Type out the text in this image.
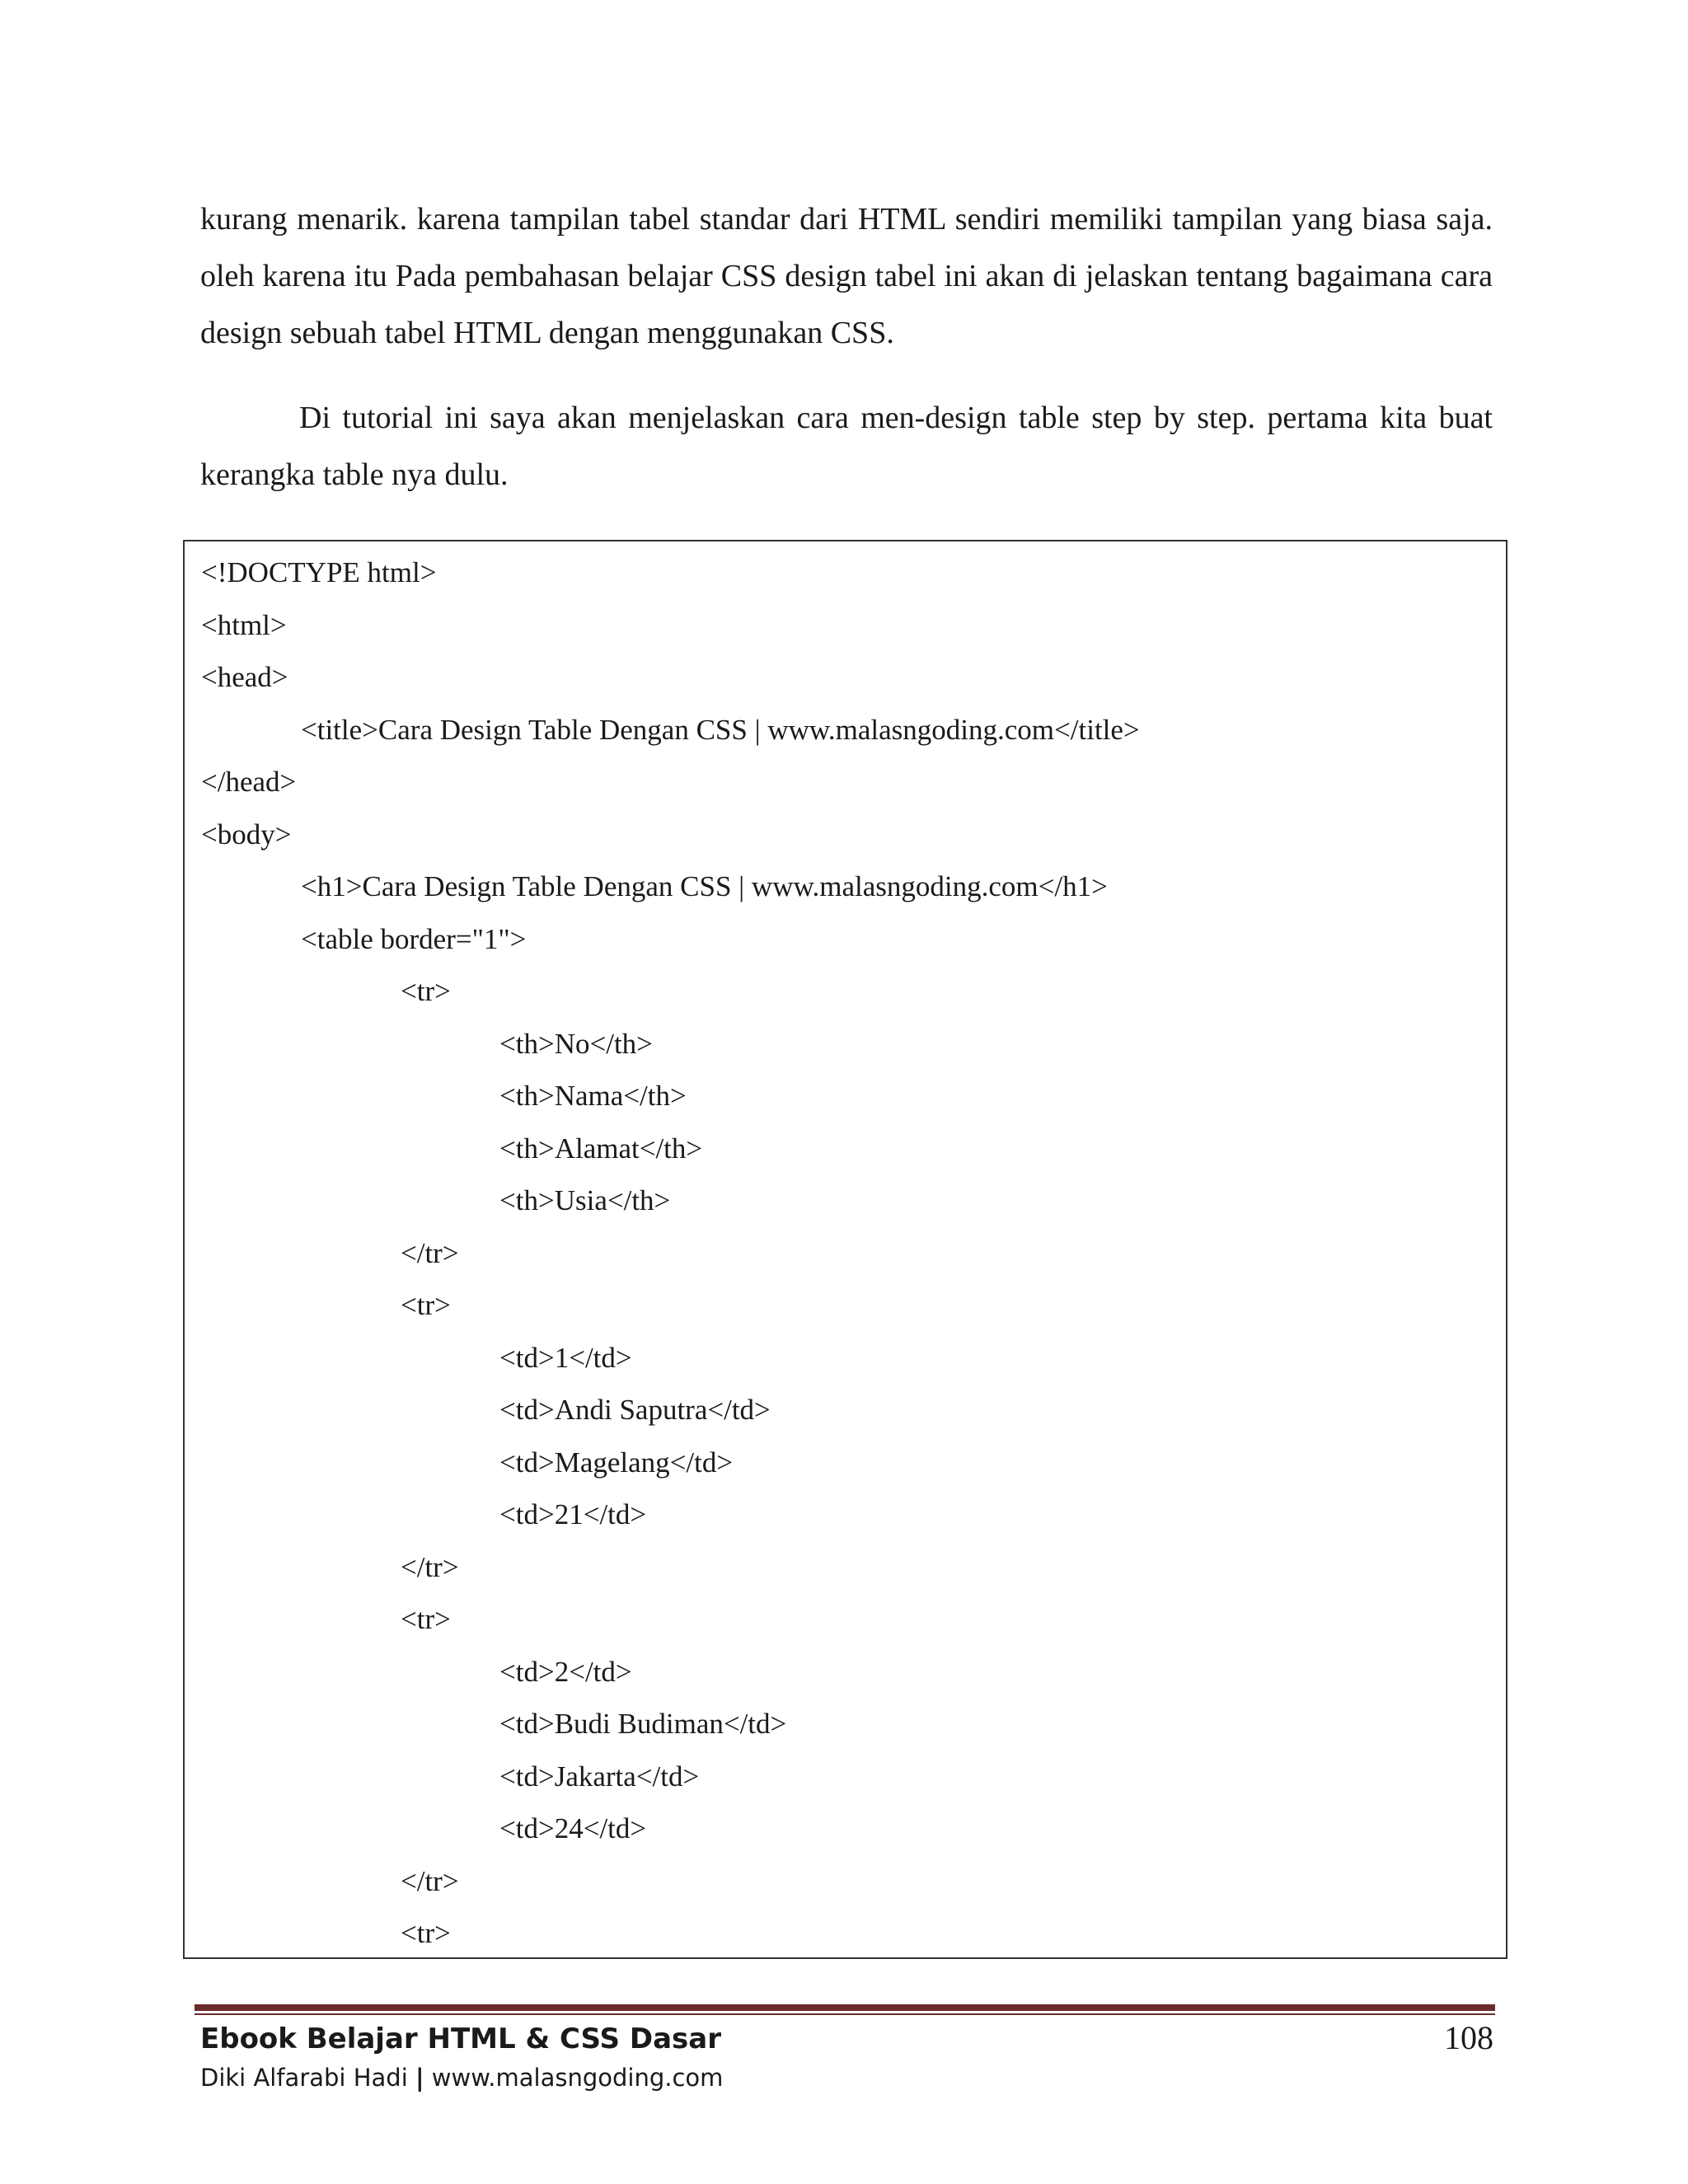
kurang menarik. karena tampilan tabel standar dari HTML sendiri memiliki tampilan yang biasa saja. oleh karena itu Pada pembahasan belajar CSS design tabel ini akan di jelaskan tentang bagaimana cara design sebuah tabel HTML dengan menggunakan CSS.

Di tutorial ini saya akan menjelaskan cara men-design table step by step. pertama kita buat kerangka table nya dulu.

<!DOCTYPE html>
<html>
<head>
<title>Cara Design Table Dengan CSS | www.malasngoding.com</title>
</head>
<body>
<h1>Cara Design Table Dengan CSS | www.malasngoding.com</h1>
<table border="1">
<tr>
<th>No</th>
<th>Nama</th>
<th>Alamat</th>
<th>Usia</th>
</tr>
<tr>
<td>1</td>
<td>Andi Saputra</td>
<td>Magelang</td>
<td>21</td>
</tr>
<tr>
<td>2</td>
<td>Budi Budiman</td>
<td>Jakarta</td>
<td>24</td>
</tr>
<tr>
Ebook Belajar HTML & CSS Dasar	108
Diki Alfarabi Hadi | www.malasngoding.com
